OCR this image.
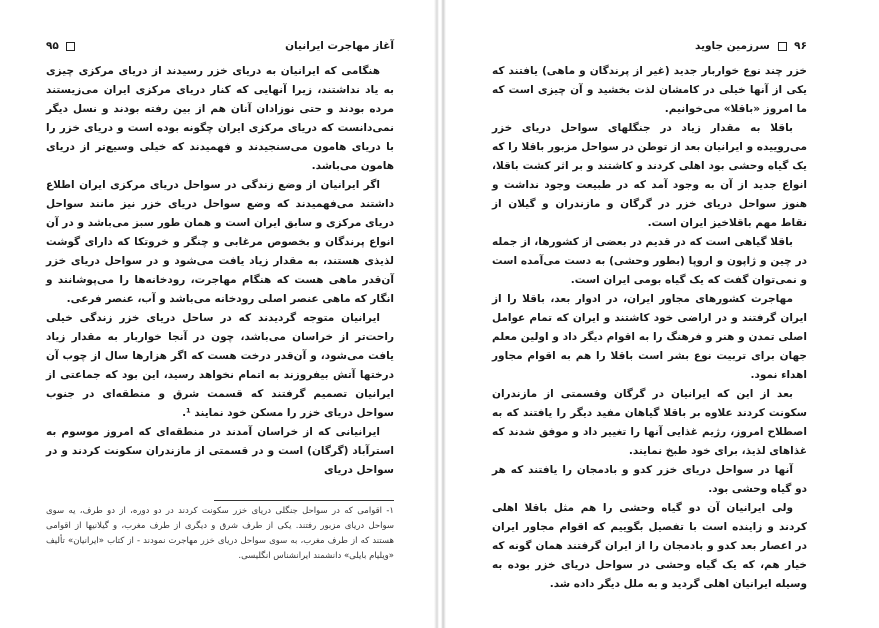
آغاز مهاجرت ایرانیان
۹۵

هنگامی که ایرانیان به دریای خزر رسیدند از دریای مرکزی چیزی به یاد نداشتند، زیرا آنهایی که کنار دریای مرکزی ایران می‌زیستند مرده بودند و حتی نوزادان آنان هم از بین رفته بودند و نسل دیگر نمی‌دانست که دریای مرکزی ایران چگونه بوده است و دریای خزر را با دریای هامون می‌سنجیدند و فهمیدند که خیلی وسیع‌تر از دریای هامون می‌باشد.

اگر ایرانیان از وضع زندگی در سواحل دریای مرکزی ایران اطلاع داشتند می‌فهمیدند که وضع سواحل دریای خزر نیز مانند سواحل دریای مرکزی و سابق ایران است و همان طور سبز می‌باشد و در آن انواع پرندگان و بخصوص مرغابی و چنگر و خروتکا که دارای گوشت لذیذی هستند، به مقدار زیاد یافت می‌شود و در سواحل دریای خزر آن‌قدر ماهی هست که هنگام مهاجرت، رودخانه‌ها را می‌پوشانند و انگار که ماهی عنصر اصلی رودخانه می‌باشد و آب، عنصر فرعی.

ایرانیان متوجه گردیدند که در ساحل دریای خزر زندگی خیلی راحت‌تر از خراسان می‌باشد، چون در آنجا خواربار به مقدار زیاد یافت می‌شود، و آن‌قدر درخت هست که اگر هزارها سال از چوب آن درختها آتش بیفروزند به اتمام نخواهد رسید، این بود که جماعتی از ایرانیان تصمیم گرفتند که قسمت شرق و منطقه‌ای در جنوب سواحل دریای خزر را مسکن خود نمایند ¹.

ایرانیانی که از خراسان آمدند در منطقه‌ای که امروز موسوم به استرآباد (گرگان) است و در قسمتی از مازندران سکونت کردند و در سواحل دریای

۱- اقوامی که در سواحل جنگلی دریای خزر سکونت کردند در دو دوره، از دو طرف، یه سوی سواحل دریای مزبور رفتند. یکی از طرف شرق و دیگری از طرف مغرب، و گیلانیها از اقوامی هستند که از طرف مغرب، به سوی سواحل دریای خزر مهاجرت نمودند - از کتاب «ایرانیان» تألیف «ویلیام بایلی» دانشمند ایرانشناس انگلیسی.

۹۶  سرزمین جاوید

خزر چند نوع خواربار جدید (غیر از پرندگان و ماهی) یافتند که یکی از آنها خیلی در کامشان لذت بخشید و آن چیزی است که ما امروز «باقلا» می‌خوانیم.

باقلا به مقدار زیاد در جنگلهای سواحل دریای خزر می‌روییده و ایرانیان بعد از توطن در سواحل مزبور باقلا را که یک گیاه وحشی بود اهلی کردند و کاشتند و بر اثر کشت باقلا، انواع جدید از آن به وجود آمد که در طبیعت وجود نداشت و هنوز سواحل دریای خزر در گرگان و مازندران و گیلان از نقاط مهم باقلاخیز ایران است.

باقلا گیاهی است که در قدیم در بعضی از کشورها، از جمله در چین و ژاپون و اروپا (بطور وحشی) به دست می‌آمده است و نمی‌توان گفت که یک گیاه بومی ایران است.

مهاجرت کشورهای مجاور ایران، در ادوار بعد، باقلا را از ایران گرفتند و در اراضی خود کاشتند و ایران که تمام عوامل اصلی تمدن و هنر و فرهنگ را به اقوام دیگر داد و اولین معلم جهان برای تربیت نوع بشر است باقلا را هم به اقوام مجاور اهداء نمود.

بعد از این که ایرانیان در گرگان وقسمتی از مازندران سکونت کردند علاوه بر باقلا گیاهان مفید دیگر را یافتند که به اصطلاح امروز، رژیم غذایی آنها را تغییر داد و موفق شدند که غذاهای لذیذ، برای خود طبخ نمایند.

آنها در سواحل دریای خزر کدو و بادمجان را یافتند که هر دو گیاه وحشی بود.

ولی ایرانیان آن دو گیاه وحشی را هم مثل باقلا اهلی کردند و زاینده است با تفصیل بگوییم که اقوام مجاور ایران در اعصار بعد کدو و بادمجان را از ایران گرفتند همان گونه که خیار هم، که یک گیاه وحشی در سواحل دریای خزر بوده به وسیله ایرانیان اهلی گردید و به ملل دیگر داده شد.
